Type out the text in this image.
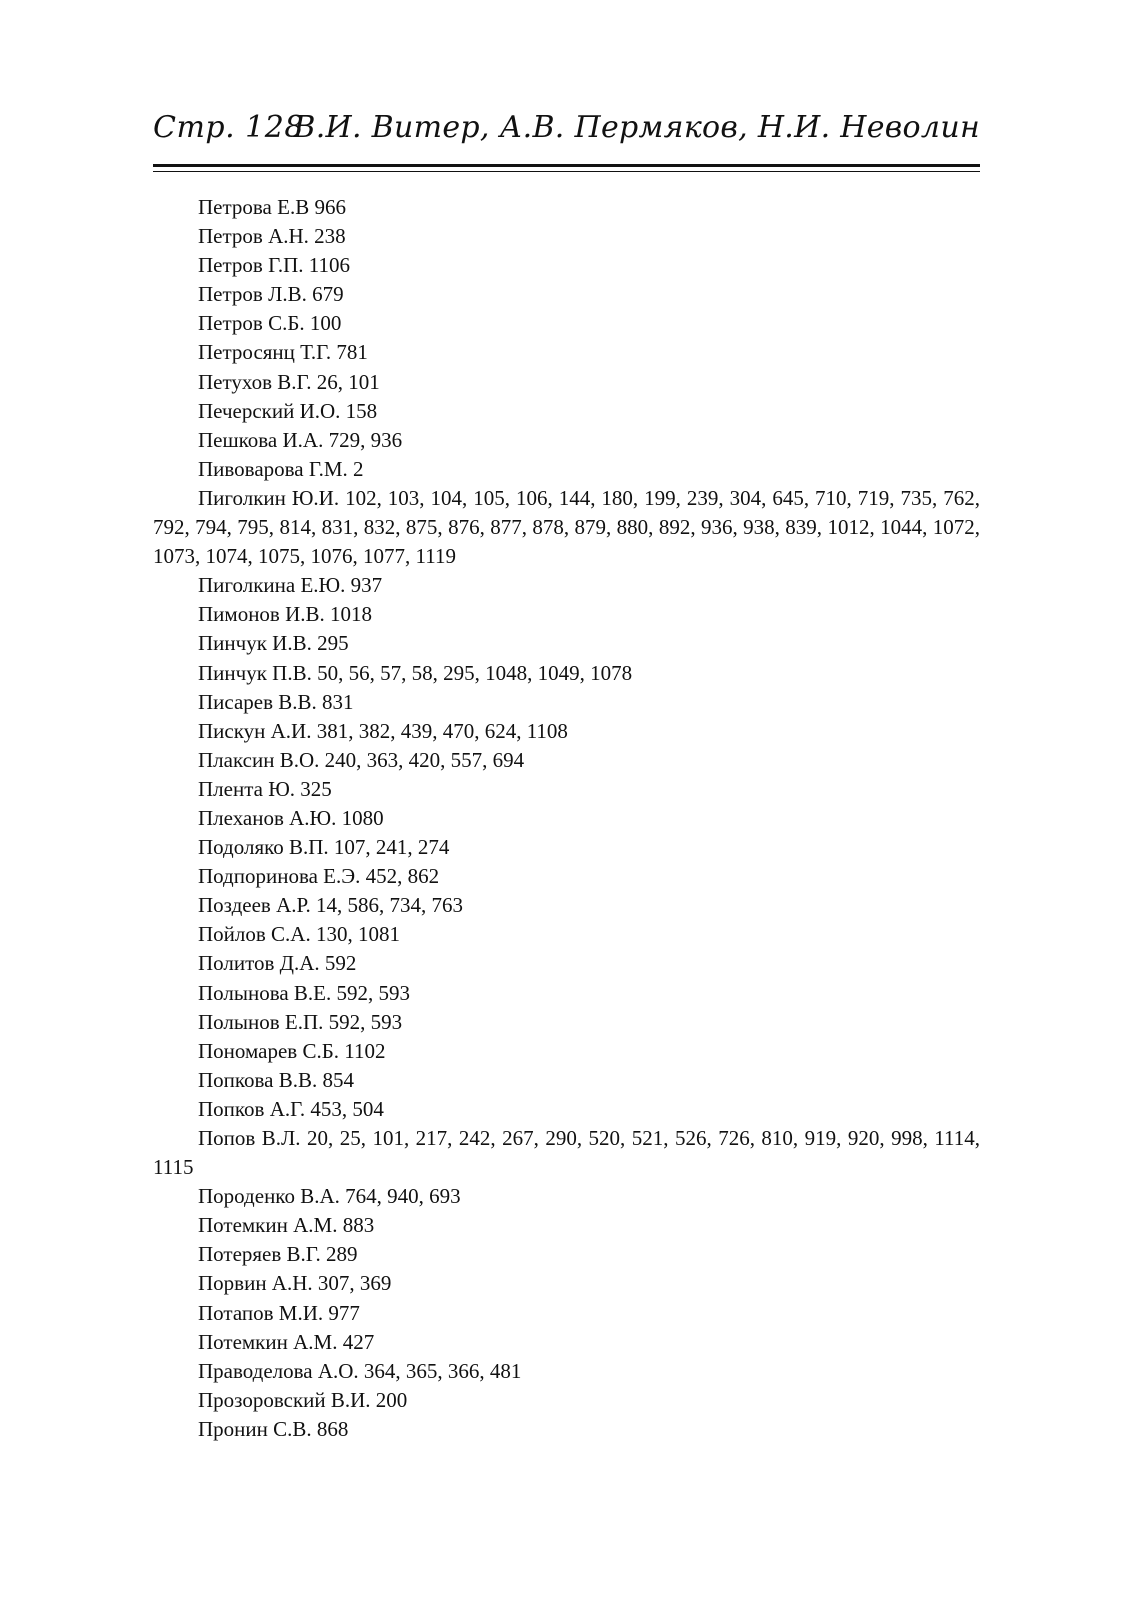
Стр. 128
В.И. Витер, А.В. Пермяков, Н.И. Неволин
Петрова Е.В 966
Петров А.Н. 238
Петров Г.П. 1106
Петров Л.В. 679
Петров С.Б. 100
Петросянц Т.Г. 781
Петухов В.Г. 26, 101
Печерский И.О. 158
Пешкова И.А. 729, 936
Пивоварова Г.М. 2
Пиголкин Ю.И. 102, 103, 104, 105, 106, 144, 180, 199, 239, 304, 645, 710, 719, 735, 762, 792, 794, 795, 814, 831, 832, 875, 876, 877, 878, 879, 880, 892, 936, 938, 839, 1012, 1044, 1072, 1073, 1074, 1075, 1076, 1077, 1119
Пиголкина Е.Ю. 937
Пимонов И.В. 1018
Пинчук И.В. 295
Пинчук П.В. 50, 56, 57, 58, 295, 1048, 1049, 1078
Писарев В.В. 831
Пискун А.И. 381, 382, 439, 470, 624, 1108
Плаксин В.О. 240, 363, 420, 557, 694
Плента Ю. 325
Плеханов А.Ю. 1080
Подоляко В.П. 107, 241, 274
Подпоринова Е.Э. 452, 862
Поздеев А.Р. 14, 586, 734, 763
Пойлов С.А. 130, 1081
Политов Д.А. 592
Полынова В.Е. 592, 593
Полынов Е.П. 592, 593
Пономарев С.Б. 1102
Попкова В.В. 854
Попков А.Г. 453, 504
Попов В.Л. 20, 25, 101, 217, 242, 267, 290, 520, 521, 526, 726, 810, 919, 920, 998, 1114, 1115
Породенко В.А. 764, 940, 693
Потемкин А.М. 883
Потеряев В.Г. 289
Порвин А.Н. 307, 369
Потапов М.И. 977
Потемкин А.М. 427
Праводелова А.О. 364, 365, 366, 481
Прозоровский В.И. 200
Пронин С.В. 868
